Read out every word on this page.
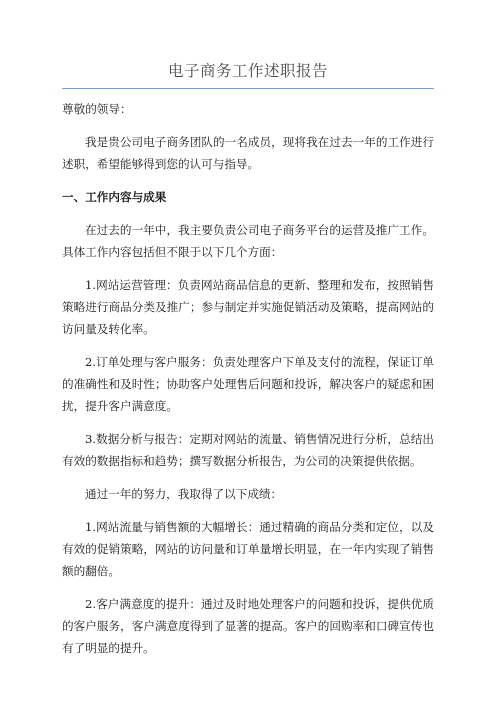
电子商务工作述职报告

尊敬的领导：

我是贵公司电子商务团队的一名成员，现将我在过去一年的工作进行述职，希望能够得到您的认可与指导。

一、工作内容与成果

在过去的一年中，我主要负责公司电子商务平台的运营及推广工作。具体工作内容包括但不限于以下几个方面：

1.网站运营管理：负责网站商品信息的更新、整理和发布，按照销售策略进行商品分类及推广；参与制定并实施促销活动及策略，提高网站的访问量及转化率。

2.订单处理与客户服务：负责处理客户下单及支付的流程，保证订单的准确性和及时性；协助客户处理售后问题和投诉，解决客户的疑虑和困扰，提升客户满意度。

3.数据分析与报告：定期对网站的流量、销售情况进行分析，总结出有效的数据指标和趋势；撰写数据分析报告，为公司的决策提供依据。

通过一年的努力，我取得了以下成绩：

1.网站流量与销售额的大幅增长：通过精确的商品分类和定位，以及有效的促销策略，网站的访问量和订单量增长明显，在一年内实现了销售额的翻倍。

2.客户满意度的提升：通过及时地处理客户的问题和投诉，提供优质的客户服务，客户满意度得到了显著的提高。客户的回购率和口碑宣传也有了明显的提升。
